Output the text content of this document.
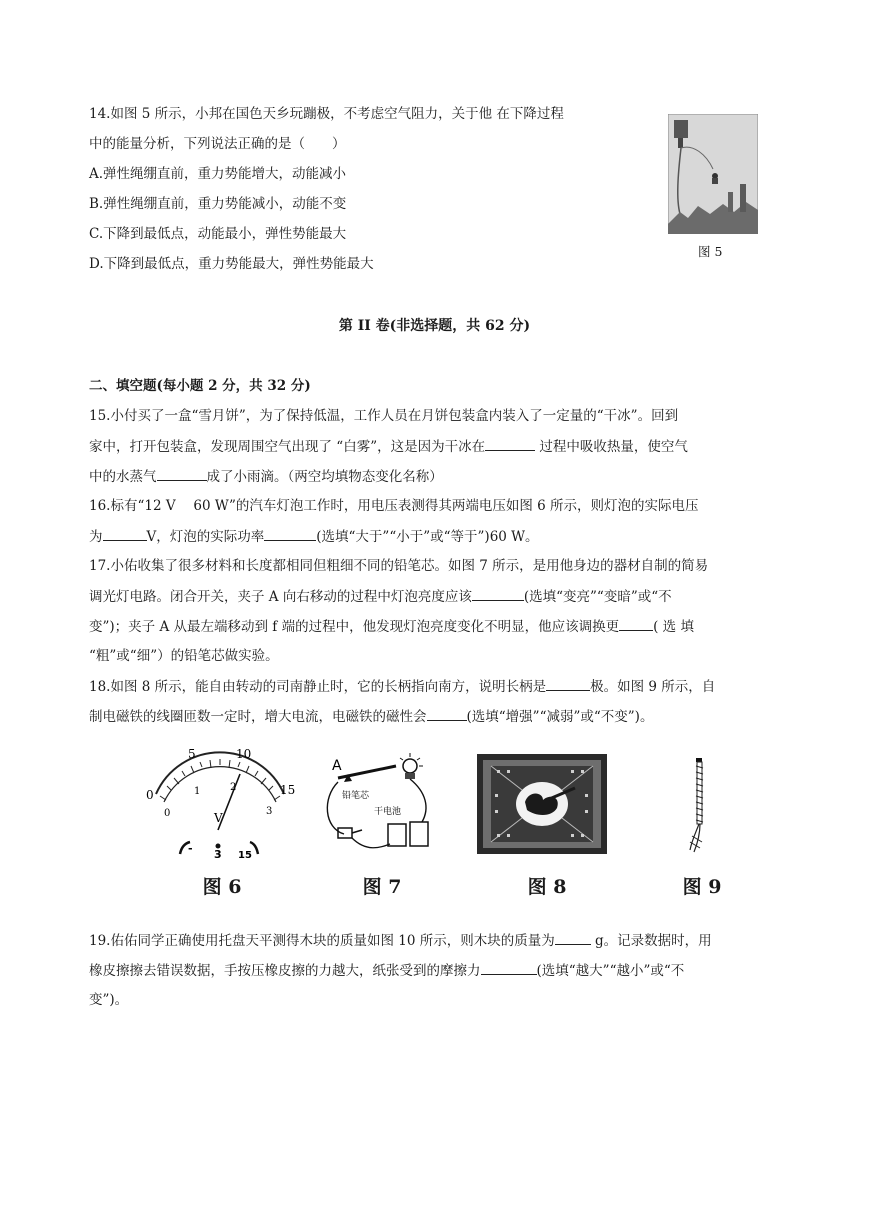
14.如图 5 所示，小邦在国色天乡玩蹦极，不考虑空气阻力，关于他 在下降过程
中的能量分析，下列说法正确的是（　　）
A.弹性绳绷直前，重力势能增大，动能减小
B.弹性绳绷直前，重力势能减小，动能不变
C.下降到最低点，动能最小，弹性势能最大
D.下降到最低点，重力势能最大，弹性势能最大
图 5
第 II 卷(非选择题，共 62 分)
二、填空题(每小题 2 分，共 32 分)
15.小付买了一盒“雪月饼”，为了保持低温，工作人员在月饼包装盒内装入了一定量的“干冰”。回到
家中，打开包装盒，发现周围空气出现了 “白雾”，这是因为干冰在	过程中吸收热量，使空气
中的水蒸气	成了小雨滴。（两空均填物态变化名称）
16.标有“12 V　 60 W”的汽车灯泡工作时，用电压表测得其两端电压如图 6 所示，则灯泡的实际电压
为	V，灯泡的实际功率	(选填“大于”“小于”或“等于”)60 W。
17.小佑收集了很多材料和长度都相同但粗细不同的铅笔芯。如图 7 所示，是用他身边的器材自制的简易
调光灯电路。闭合开关，夹子 A 向右移动的过程中灯泡亮度应该	(选填“变亮”“变暗”或“不
变”)；夹子 A 从最左端移动到 f 端的过程中，他发现灯泡亮度变化不明显，他应该调换更	( 选 填
“粗”或“细”）的铅笔芯做实验。
18.如图 8 所示，能自由转动的司南静止时，它的长柄指向南方，说明长柄是	极。如图 9 所示，自
制电磁铁的线圈匝数一定时，增大电流，电磁铁的磁性会	(选填“增强”“减弱”或“不变”)。
0
5	10
15
0
1	2
3
V
- 3 15
A
铅笔芯
干电池
图 6	图 7	图 8	图 9
19.佑佑同学正确使用托盘天平测得木块的质量如图 10 所示，则木块的质量为	g。记录数据时，用
橡皮擦擦去错误数据，手按压橡皮擦的力越大，纸张受到的摩擦力	(选填“越大”“越小”或“不
变”)。
